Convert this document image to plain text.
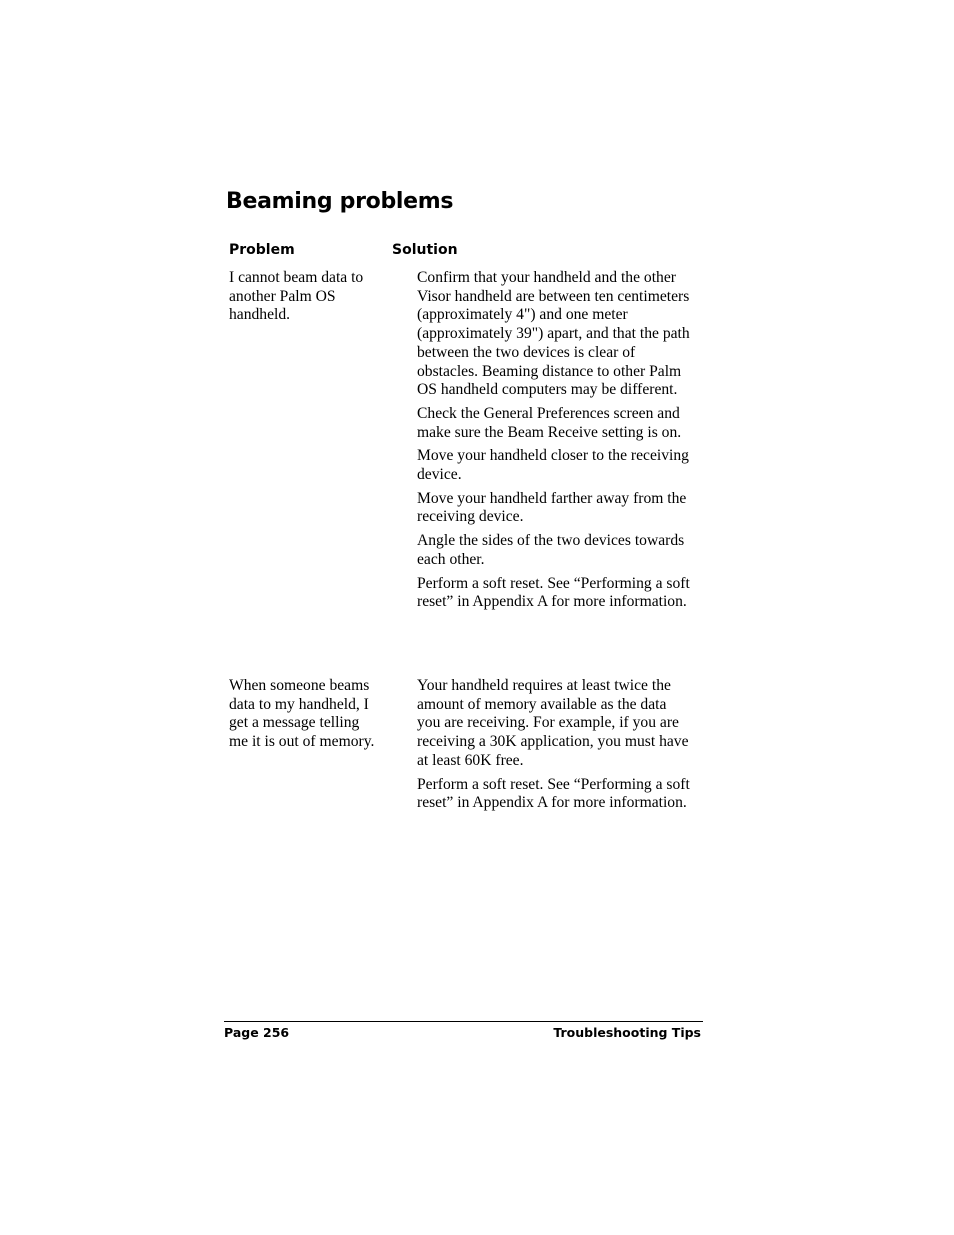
Beaming problems
Problem	Solution
I cannot beam data to another Palm OS handheld.

Confirm that your handheld and the other Visor handheld are between ten centimeters (approximately 4") and one meter (approximately 39") apart, and that the path between the two devices is clear of obstacles. Beaming distance to other Palm OS handheld computers may be different.

Check the General Preferences screen and make sure the Beam Receive setting is on.

Move your handheld closer to the receiving device.

Move your handheld farther away from the receiving device.

Angle the sides of the two devices towards each other.

Perform a soft reset. See “Performing a soft reset” in Appendix A for more information.

When someone beams data to my handheld, I get a message telling me it is out of memory.

Your handheld requires at least twice the amount of memory available as the data you are receiving. For example, if you are receiving a 30K application, you must have at least 60K free.

Perform a soft reset. See “Performing a soft reset” in Appendix A for more information.

Page 256	Troubleshooting Tips
